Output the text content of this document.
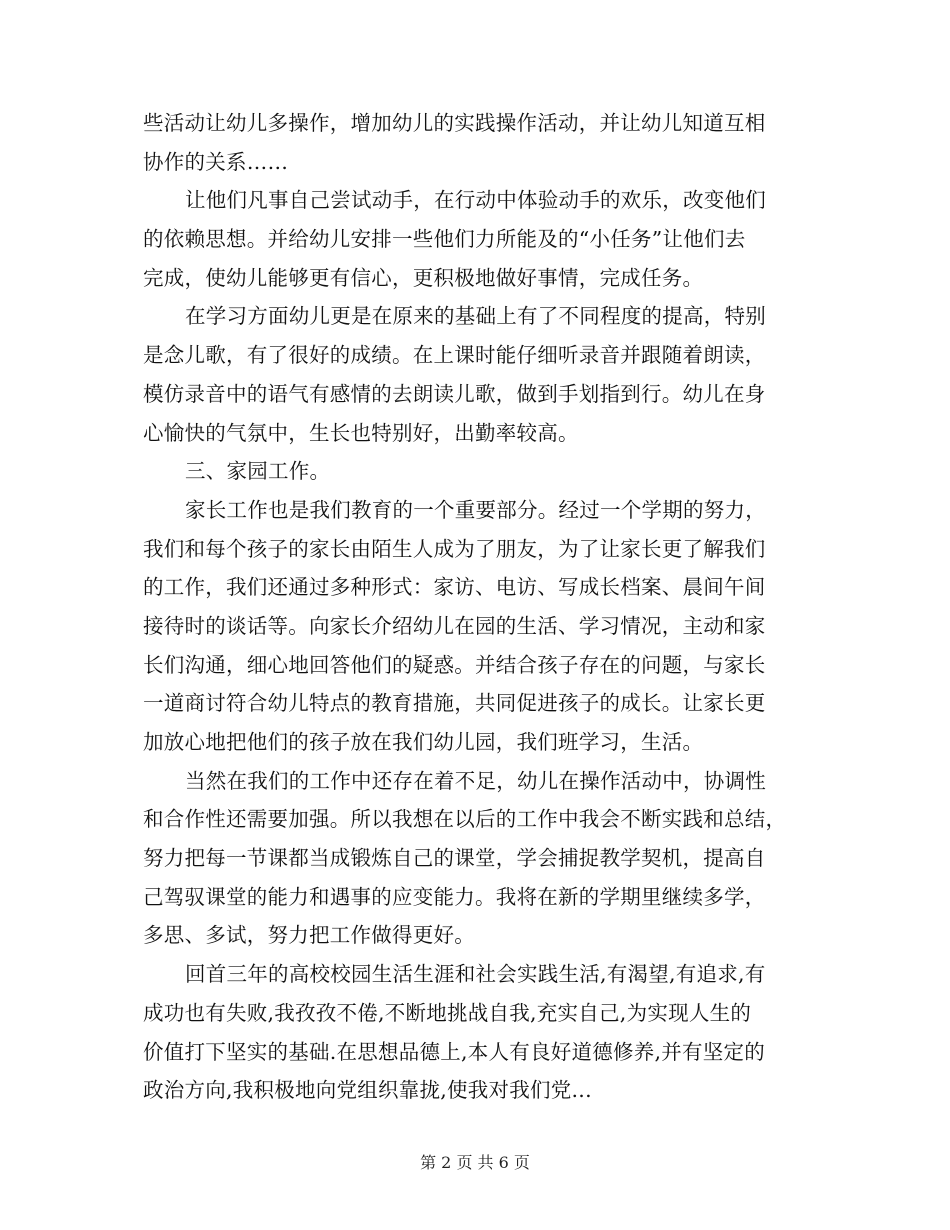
些活动让幼儿多操作，增加幼儿的实践操作活动，并让幼儿知道互相
协作的关系……
让他们凡事自己尝试动手，在行动中体验动手的欢乐，改变他们
的依赖思想。并给幼儿安排一些他们力所能及的“小任务”让他们去
完成，使幼儿能够更有信心，更积极地做好事情，完成任务。
在学习方面幼儿更是在原来的基础上有了不同程度的提高，特别
是念儿歌，有了很好的成绩。在上课时能仔细听录音并跟随着朗读，
模仿录音中的语气有感情的去朗读儿歌，做到手划指到行。幼儿在身
心愉快的气氛中，生长也特别好，出勤率较高。
三、家园工作。
家长工作也是我们教育的一个重要部分。经过一个学期的努力，
我们和每个孩子的家长由陌生人成为了朋友，为了让家长更了解我们
的工作，我们还通过多种形式：家访、电访、写成长档案、晨间午间
接待时的谈话等。向家长介绍幼儿在园的生活、学习情况，主动和家
长们沟通，细心地回答他们的疑惑。并结合孩子存在的问题，与家长
一道商讨符合幼儿特点的教育措施，共同促进孩子的成长。让家长更
加放心地把他们的孩子放在我们幼儿园，我们班学习，生活。
当然在我们的工作中还存在着不足，幼儿在操作活动中，协调性
和合作性还需要加强。所以我想在以后的工作中我会不断实践和总结，
努力把每一节课都当成锻炼自己的课堂，学会捕捉教学契机，提高自
己驾驭课堂的能力和遇事的应变能力。我将在新的学期里继续多学，
多思、多试，努力把工作做得更好。
回首三年的高校校园生活生涯和社会实践生活,有渴望,有追求,有
成功也有失败,我孜孜不倦,不断地挑战自我,充实自己,为实现人生的
价值打下坚实的基础.在思想品德上,本人有良好道德修养,并有坚定的
政治方向,我积极地向党组织靠拢,使我对我们党...
第 2 页 共 6 页
